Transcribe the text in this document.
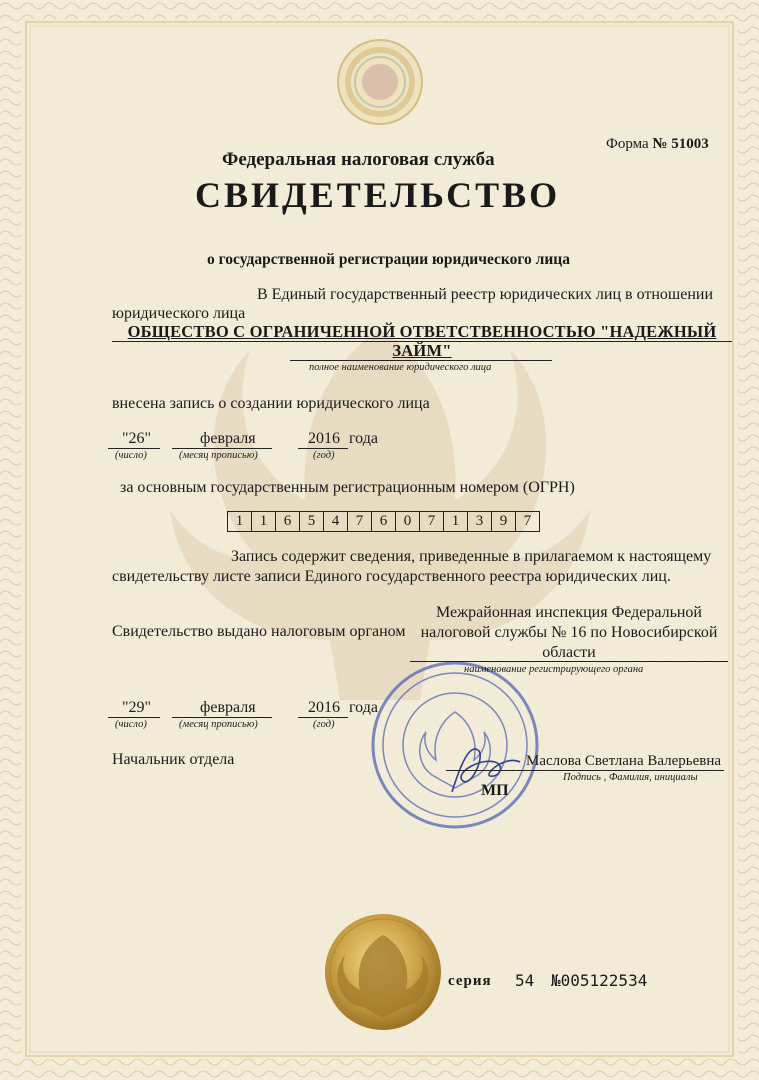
Форма № 51003
Федеральная налоговая служба
СВИДЕТЕЛЬСТВО
о государственной регистрации юридического лица
В Единый государственный реестр юридических лиц в отношении
юридического лица
ОБЩЕСТВО С ОГРАНИЧЕННОЙ ОТВЕТСТВЕННОСТЬЮ "НАДЕЖНЫЙ ЗАЙМ"
полное наименование юридического лица
внесена запись о создании юридического лица
"26"	февраля	2016 года
(число)	(месяц прописью)	(год)
за основным государственным регистрационным номером (ОГРН)
1	1	6	5	4	7	6	0	7	1	3	9	7
Запись содержит сведения, приведенные в прилагаемом к настоящему
свидетельству листе записи Единого государственного реестра юридических лиц.
Свидетельство выдано налоговым органом
Межрайонная инспекция Федеральной налоговой службы № 16 по Новосибирской области
наименование регистрирующего органа
"29"	февраля	2016 года
(число)	(месяц прописью)	(год)
Начальник отдела	Маслова Светлана Валерьевна
Подпись , Фамилия, инициалы
МП
серия 54 №005122534
